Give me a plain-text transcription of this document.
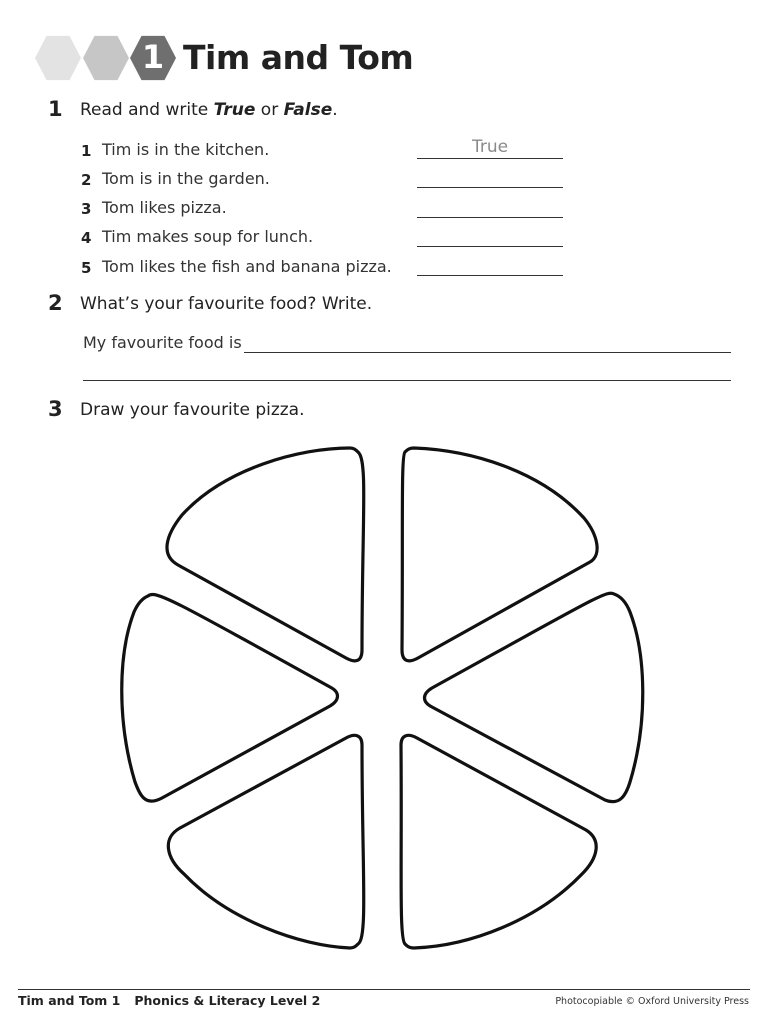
1 Tim and Tom
1 Read and write True or False.
1 Tim is in the kitchen.	True
2 Tom is in the garden.
3 Tom likes pizza.
4 Tim makes soup for lunch.
5 Tom likes the fish and banana pizza.
2 What’s your favourite food? Write.
My favourite food is
3 Draw your favourite pizza.
Tim and Tom 1 Phonics & Literacy Level 2	Photocopiable © Oxford University Press
